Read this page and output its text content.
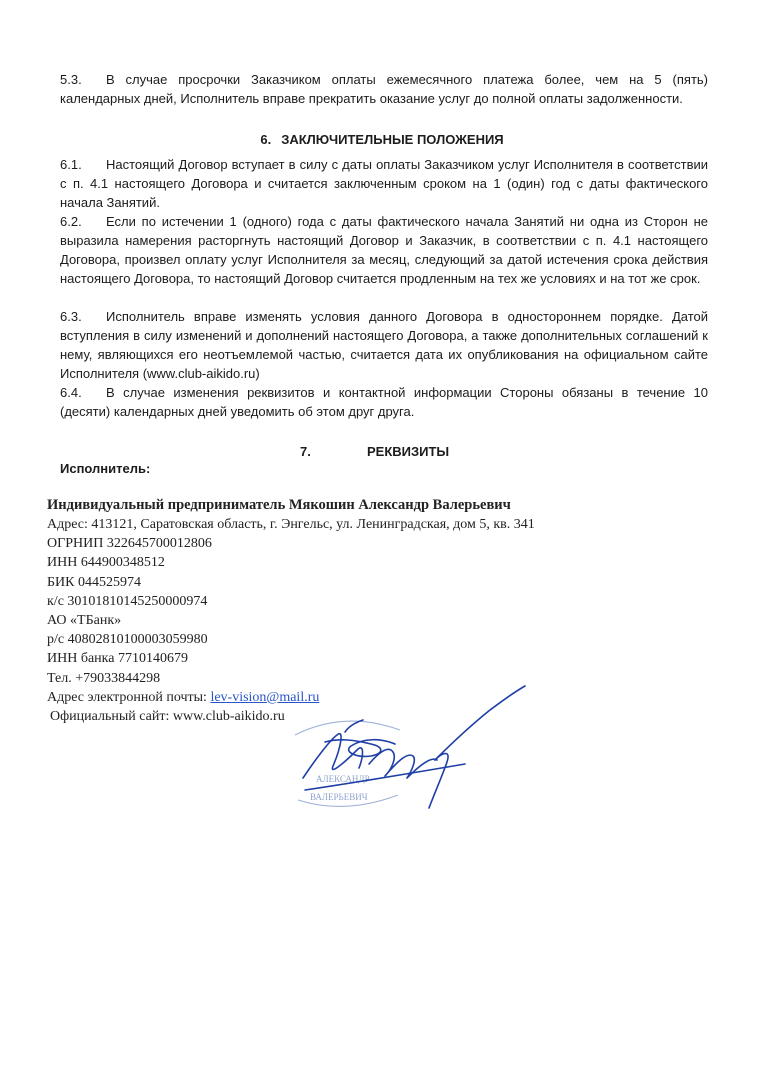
5.3. В случае просрочки Заказчиком оплаты ежемесячного платежа более, чем на 5 (пять) календарных дней, Исполнитель вправе прекратить оказание услуг до полной оплаты задолженности.
6. ЗАКЛЮЧИТЕЛЬНЫЕ ПОЛОЖЕНИЯ
6.1. Настоящий Договор вступает в силу с даты оплаты Заказчиком услуг Исполнителя в соответствии с п. 4.1 настоящего Договора и считается заключенным сроком на 1 (один) год с даты фактического начала Занятий.
6.2. Если по истечении 1 (одного) года с даты фактического начала Занятий ни одна из Сторон не выразила намерения расторгнуть настоящий Договор и Заказчик, в соответствии с п. 4.1 настоящего Договора, произвел оплату услуг Исполнителя за месяц, следующий за датой истечения срока действия настоящего Договора, то настоящий Договор считается продленным на тех же условиях и на тот же срок.
6.3. Исполнитель вправе изменять условия данного Договора в одностороннем порядке. Датой вступления в силу изменений и дополнений настоящего Договора, а также дополнительных соглашений к нему, являющихся его неотъемлемой частью, считается дата их опубликования на официальном сайте Исполнителя (www.club-aikido.ru)
6.4. В случае изменения реквизитов и контактной информации Стороны обязаны в течение 10 (десяти) календарных дней уведомить об этом друг друга.
7.	РЕКВИЗИТЫ
Исполнитель:
Индивидуальный предприниматель Мякошин Александр Валерьевич
Адрес: 413121, Саратовская область, г. Энгельс, ул. Ленинградская, дом 5, кв. 341
ОГРНИП 322645700012806
ИНН 644900348512
БИК 044525974
к/с 30101810145250000974
АО «ТБанк»
р/с 40802810100003059980
ИНН банка 7710140679
Тел. +79033844298
Адрес электронной почты: lev-vision@mail.ru
Официальный сайт: www.club-aikido.ru
АЛЕКСАНДР
ВАЛЕРЬЕВИЧ
